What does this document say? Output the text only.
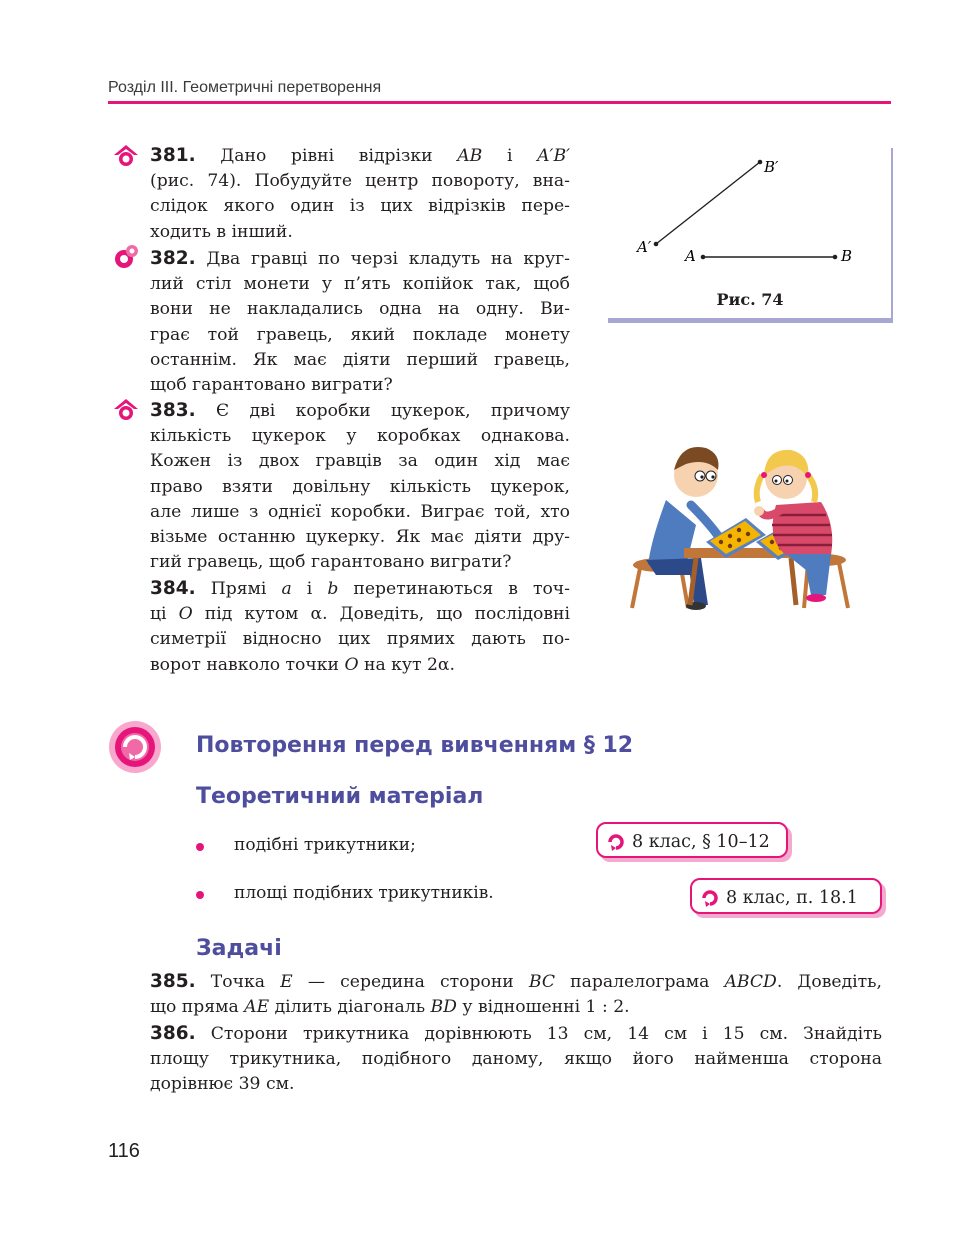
Розділ ІІІ. Геометричні перетворення
381. Дано рівні відрізки AB і A′B′
(рис. 74). Побудуйте центр повороту, вна-
слідок якого один із цих відрізків пере-
ходить в інший.
382. Два гравці по черзі кладуть на круг-
лий стіл монети у п’ять копійок так, щоб
вони не накладались одна на одну. Ви-
грає той гравець, який покладе монету
останнім. Як має діяти перший гравець,
щоб гарантовано виграти?
383. Є дві коробки цукерок, причому
кількість цукерок у коробках однакова.
Кожен із двох гравців за один хід має
право взяти довільну кількість цукерок,
але лише з однієї коробки. Виграє той, хто
візьме останню цукерку. Як має діяти дру-
гий гравець, щоб гарантовано виграти?
384. Прямі a і b перетинаються в точ-
ці O під кутом α. Доведіть, що послідовні
симетрії відносно цих прямих дають по-
ворот навколо точки O на кут 2α.
A′
B′
A	B
Рис. 74
Повторення перед вивченням § 12
Теоретичний матеріал
подібні трикутники;
площі подібних трикутників.
8 клас, § 10–12
8 клас, п. 18.1
Задачі
385. Точка E — середина сторони BC паралелограма ABCD. Доведіть,
що пряма AE ділить діагональ BD у відношенні 1 : 2.
386. Сторони трикутника дорівнюють 13 см, 14 см і 15 см. Знайдіть
площу трикутника, подібного даному, якщо його найменша сторона
дорівнює 39 см.
116
